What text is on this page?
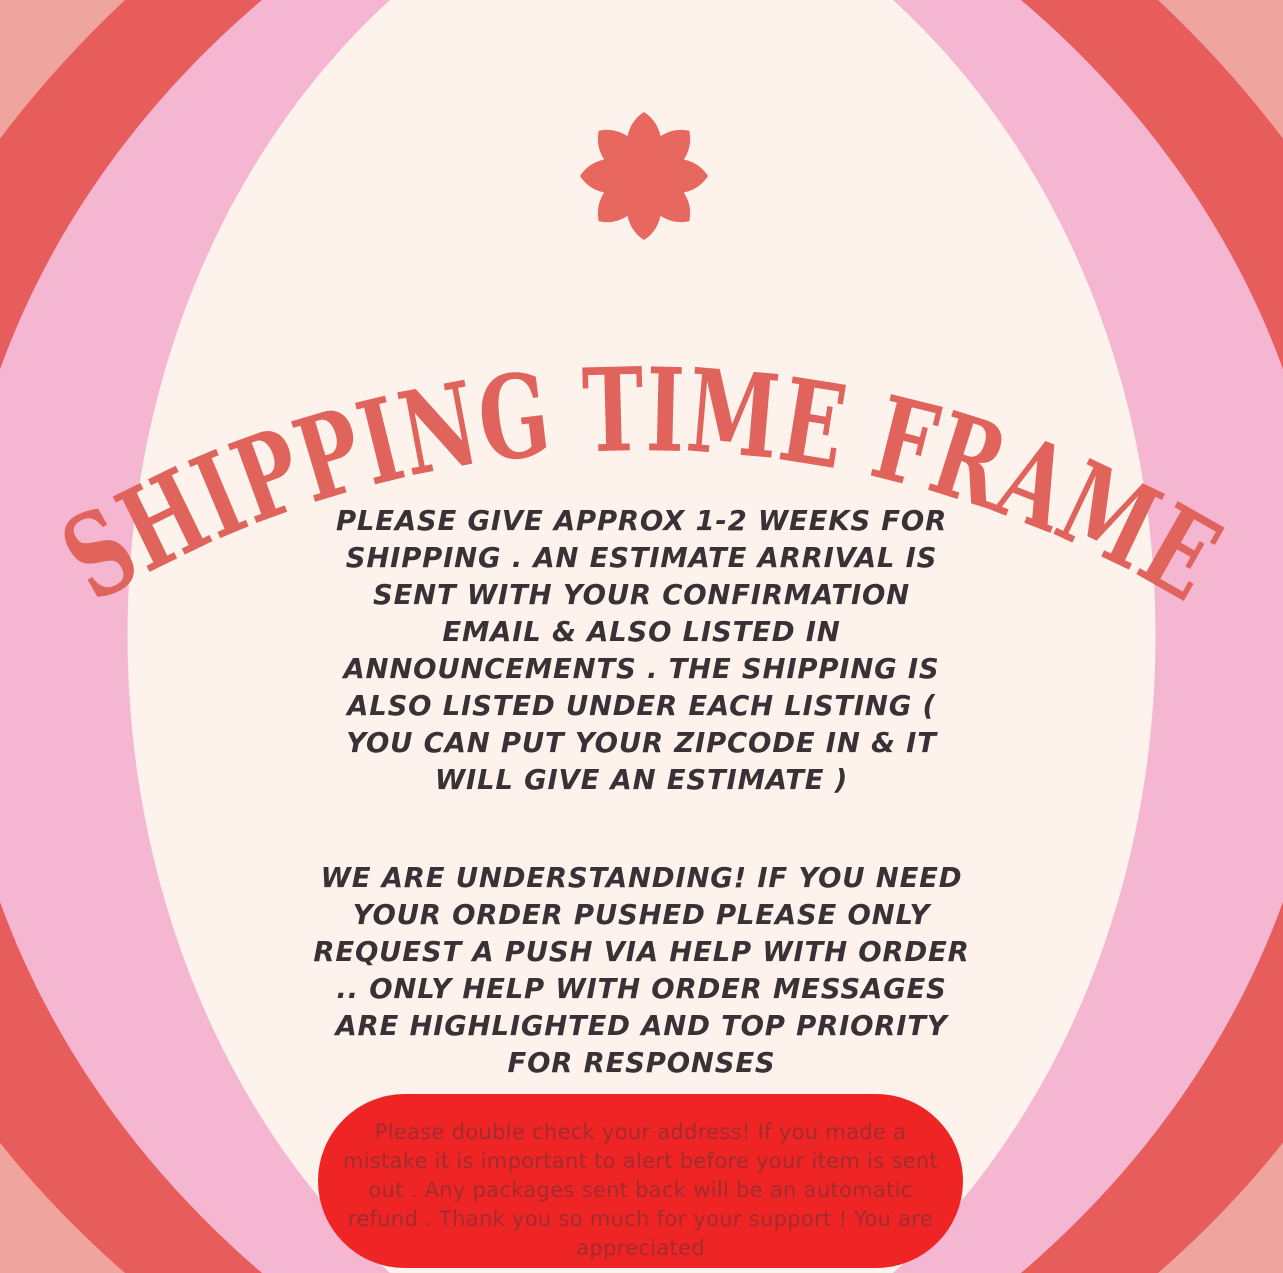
SHIPPING TIME FRAME
PLEASE GIVE APPROX 1-2 WEEKS FOR
SHIPPING . AN ESTIMATE ARRIVAL IS
SENT WITH YOUR CONFIRMATION
EMAIL & ALSO LISTED IN
ANNOUNCEMENTS . THE SHIPPING IS
ALSO LISTED UNDER EACH LISTING (
YOU CAN PUT YOUR ZIPCODE IN & IT
WILL GIVE AN ESTIMATE )
WE ARE UNDERSTANDING! IF YOU NEED
YOUR ORDER PUSHED PLEASE ONLY
REQUEST A PUSH VIA HELP WITH ORDER
.. ONLY HELP WITH ORDER MESSAGES
ARE HIGHLIGHTED AND TOP PRIORITY
FOR RESPONSES
Please double check your address! If you made a
mistake it is important to alert before your item is sent
out . Any packages sent back will be an automatic
refund . Thank you so much for your support ! You are
appreciated
